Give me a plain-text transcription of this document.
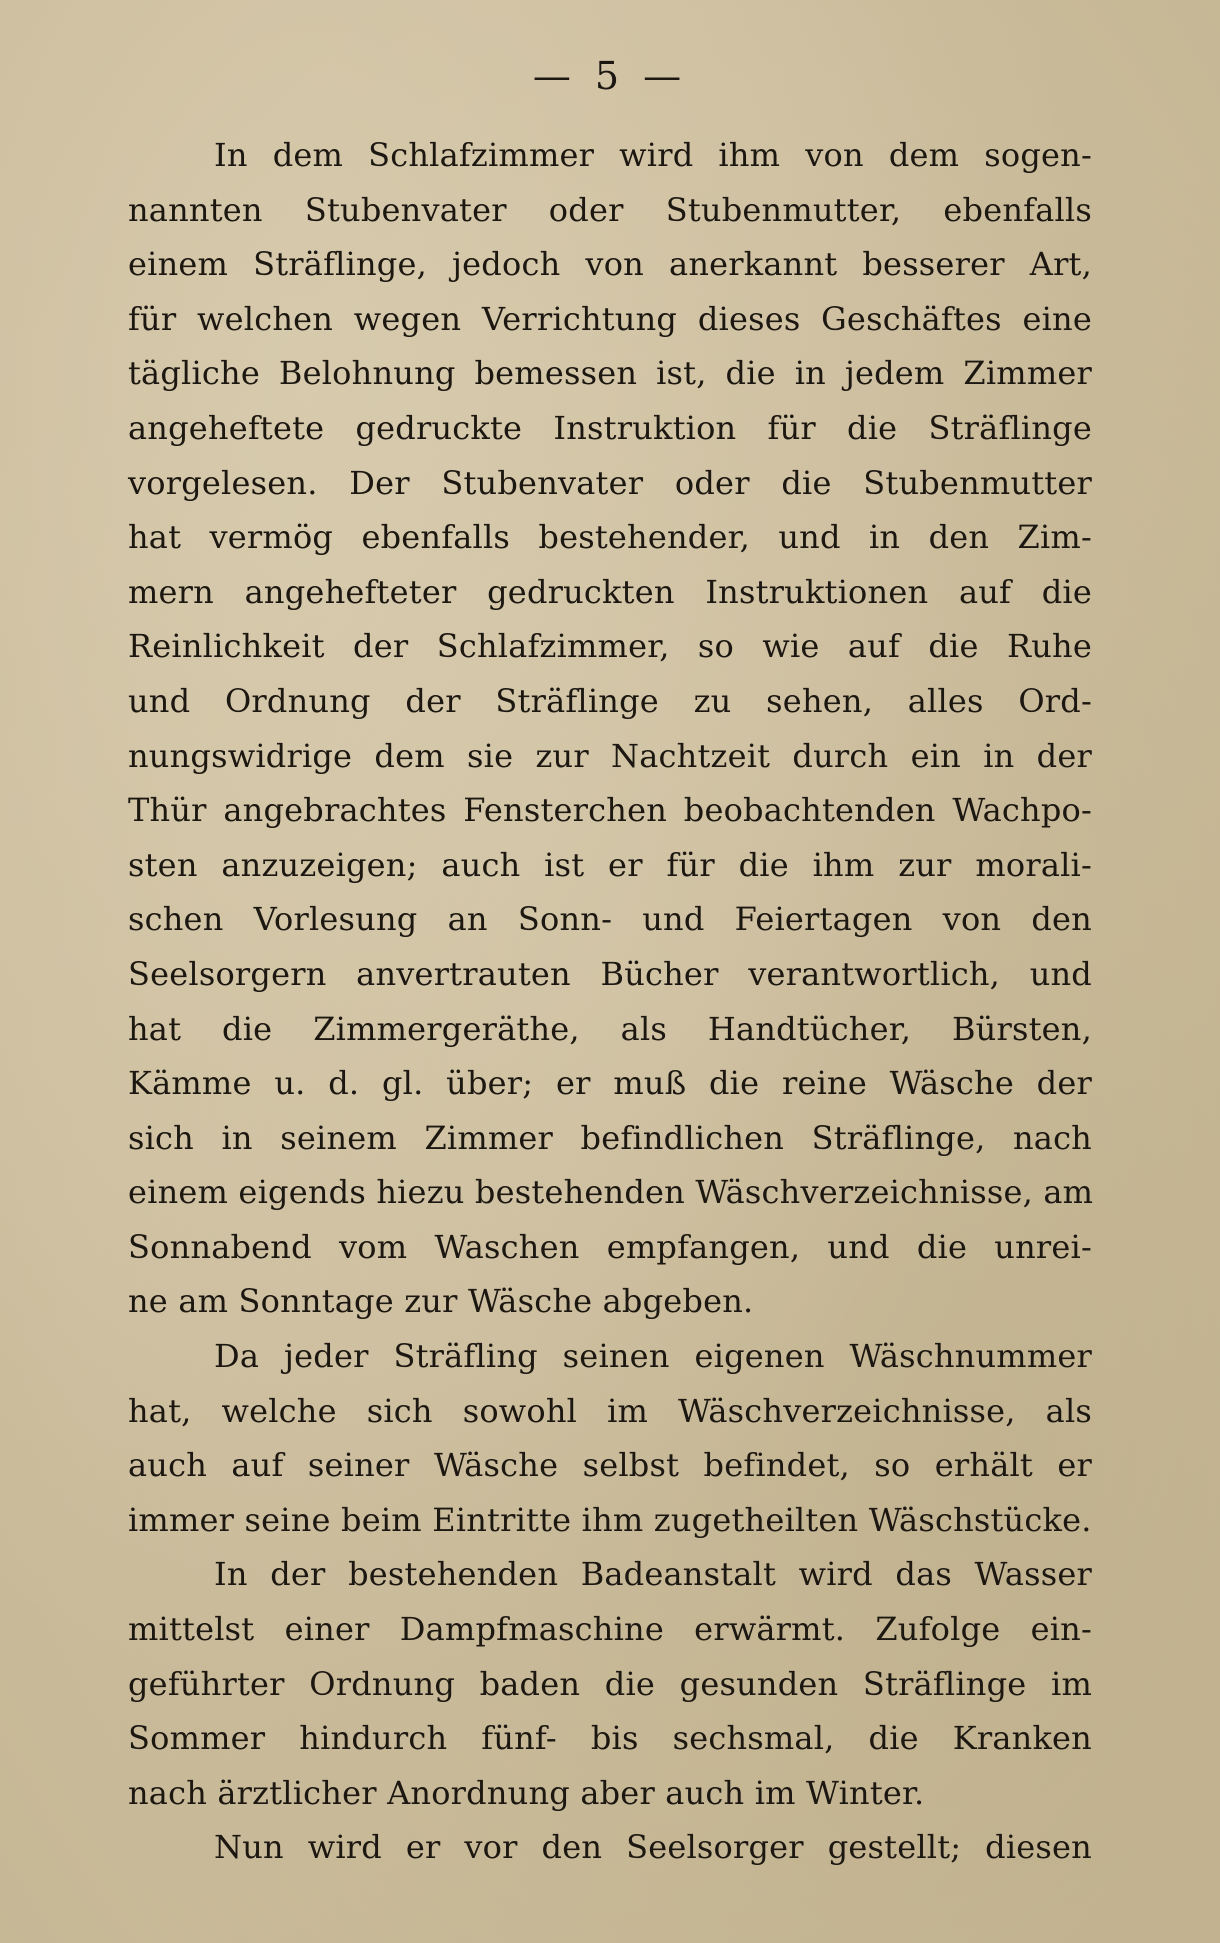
— 5 —
In dem Schlafzimmer wird ihm von dem sogen-
nannten Stubenvater oder Stubenmutter, ebenfalls
einem Sträflinge, jedoch von anerkannt besserer Art,
für welchen wegen Verrichtung dieses Geschäftes eine
tägliche Belohnung bemessen ist, die in jedem Zimmer
angeheftete gedruckte Instruktion für die Sträflinge
vorgelesen. Der Stubenvater oder die Stubenmutter
hat vermög ebenfalls bestehender, und in den Zim-
mern angehefteter gedruckten Instruktionen auf die
Reinlichkeit der Schlafzimmer, so wie auf die Ruhe
und Ordnung der Sträflinge zu sehen, alles Ord-
nungswidrige dem sie zur Nachtzeit durch ein in der
Thür angebrachtes Fensterchen beobachtenden Wachpo-
sten anzuzeigen; auch ist er für die ihm zur morali-
schen Vorlesung an Sonn- und Feiertagen von den
Seelsorgern anvertrauten Bücher verantwortlich, und
hat die Zimmergeräthe, als Handtücher, Bürsten,
Kämme u. d. gl. über; er muß die reine Wäsche der
sich in seinem Zimmer befindlichen Sträflinge, nach
einem eigends hiezu bestehenden Wäschverzeichnisse, am
Sonnabend vom Waschen empfangen, und die unrei-
ne am Sonntage zur Wäsche abgeben.
Da jeder Sträfling seinen eigenen Wäschnummer
hat, welche sich sowohl im Wäschverzeichnisse, als
auch auf seiner Wäsche selbst befindet, so erhält er
immer seine beim Eintritte ihm zugetheilten Wäschstücke.
In der bestehenden Badeanstalt wird das Wasser
mittelst einer Dampfmaschine erwärmt. Zufolge ein-
geführter Ordnung baden die gesunden Sträflinge im
Sommer hindurch fünf- bis sechsmal, die Kranken
nach ärztlicher Anordnung aber auch im Winter.
Nun wird er vor den Seelsorger gestellt; diesen
